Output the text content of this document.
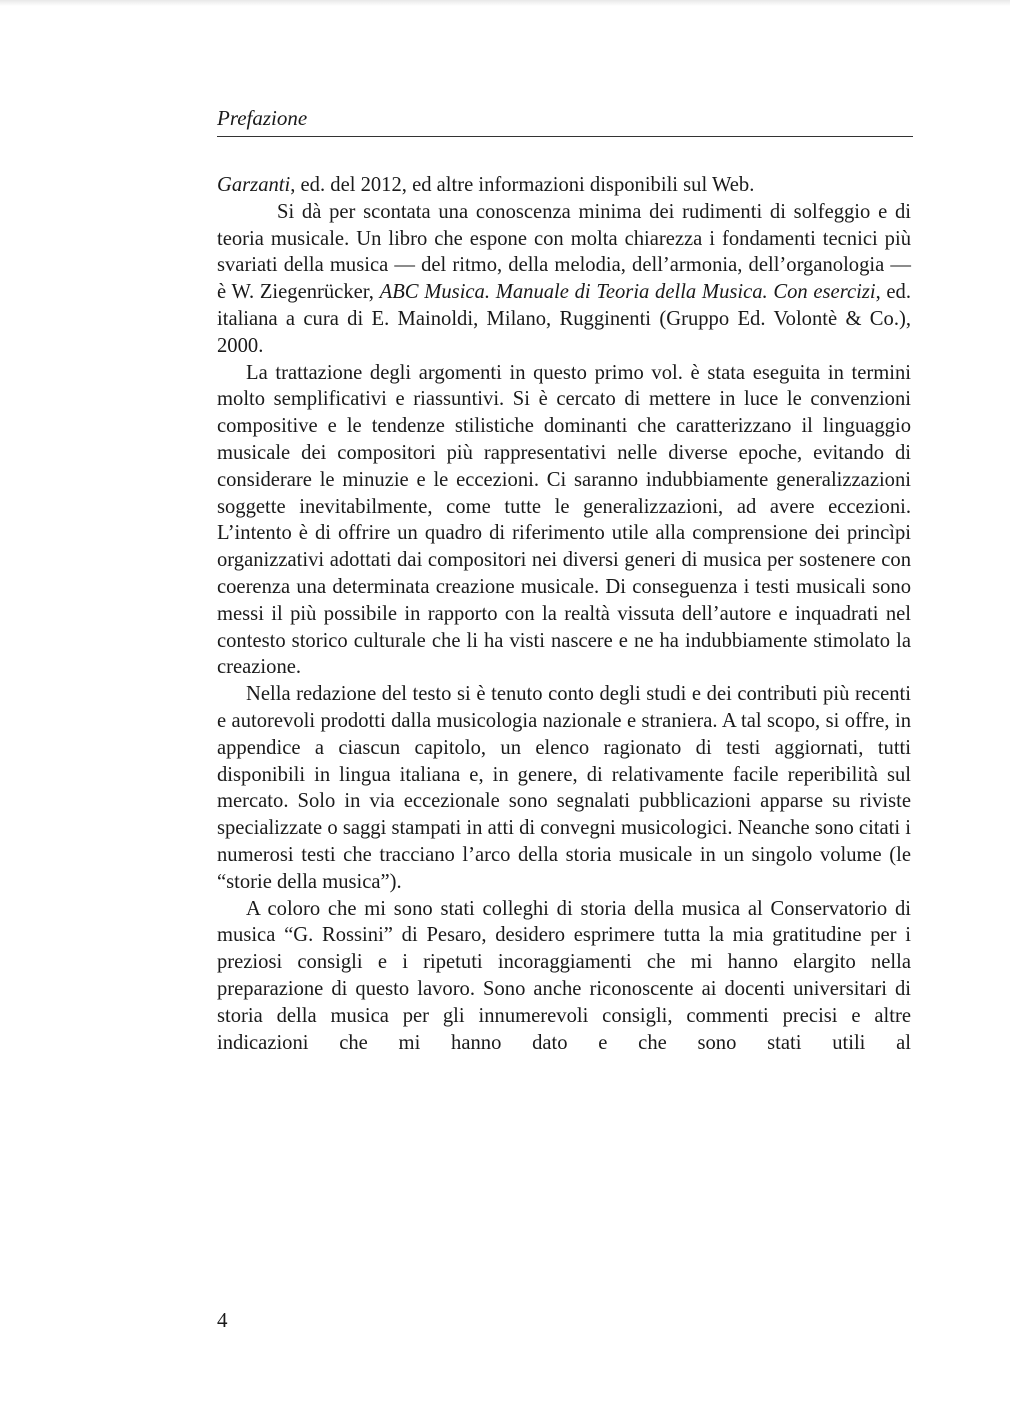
Prefazione

Garzanti, ed. del 2012, ed altre informazioni disponibili sul Web.

Si dà per scontata una conoscenza minima dei rudimenti di solfeggio e di teoria musicale. Un libro che espone con molta chiarezza i fondamenti tecnici più svariati della musica — del ritmo, della melodia, dell’armonia, dell’organologia — è W. Ziegenrücker, ABC Musica. Manuale di Teoria della Musica. Con esercizi, ed. italiana a cura di E. Mainoldi, Milano, Rugginenti (Gruppo Ed. Volontè & Co.), 2000.

La trattazione degli argomenti in questo primo vol. è stata eseguita in termini molto semplificativi e riassuntivi. Si è cercato di mettere in luce le convenzioni compositive e le tendenze stilistiche dominanti che caratterizzano il linguaggio musicale dei compositori più rappresentativi nelle diverse epoche, evitando di considerare le minuzie e le eccezioni. Ci saranno indubbiamente generalizzazioni soggette inevitabilmente, come tutte le generalizzazioni, ad avere eccezioni. L’intento è di offrire un quadro di riferimento utile alla comprensione dei princìpi organizzativi adottati dai compositori nei diversi generi di musica per sostenere con coerenza una determinata creazione musicale. Di conseguenza i testi musicali sono messi il più possibile in rapporto con la realtà vissuta dell’autore e inquadrati nel contesto storico culturale che li ha visti nascere e ne ha indubbiamente stimolato la creazione.

Nella redazione del testo si è tenuto conto degli studi e dei contributi più recenti e autorevoli prodotti dalla musicologia nazionale e straniera. A tal scopo, si offre, in appendice a ciascun capitolo, un elenco ragionato di testi aggiornati, tutti disponibili in lingua italiana e, in genere, di relativamente facile reperibilità sul mercato. Solo in via eccezionale sono segnalati pubblicazioni apparse su riviste specializzate o saggi stampati in atti di convegni musicologici. Neanche sono citati i numerosi testi che tracciano l’arco della storia musicale in un singolo volume (le “storie della musica”).

A coloro che mi sono stati colleghi di storia della musica al Conservatorio di musica “G. Rossini” di Pesaro, desidero esprimere tutta la mia gratitudine per i preziosi consigli e i ripetuti incoraggiamenti che mi hanno elargito nella preparazione di questo lavoro. Sono anche riconoscente ai docenti universitari di storia della musica per gli innumerevoli consigli, commenti precisi e altre indicazioni che mi hanno dato e che sono stati utili al

4
